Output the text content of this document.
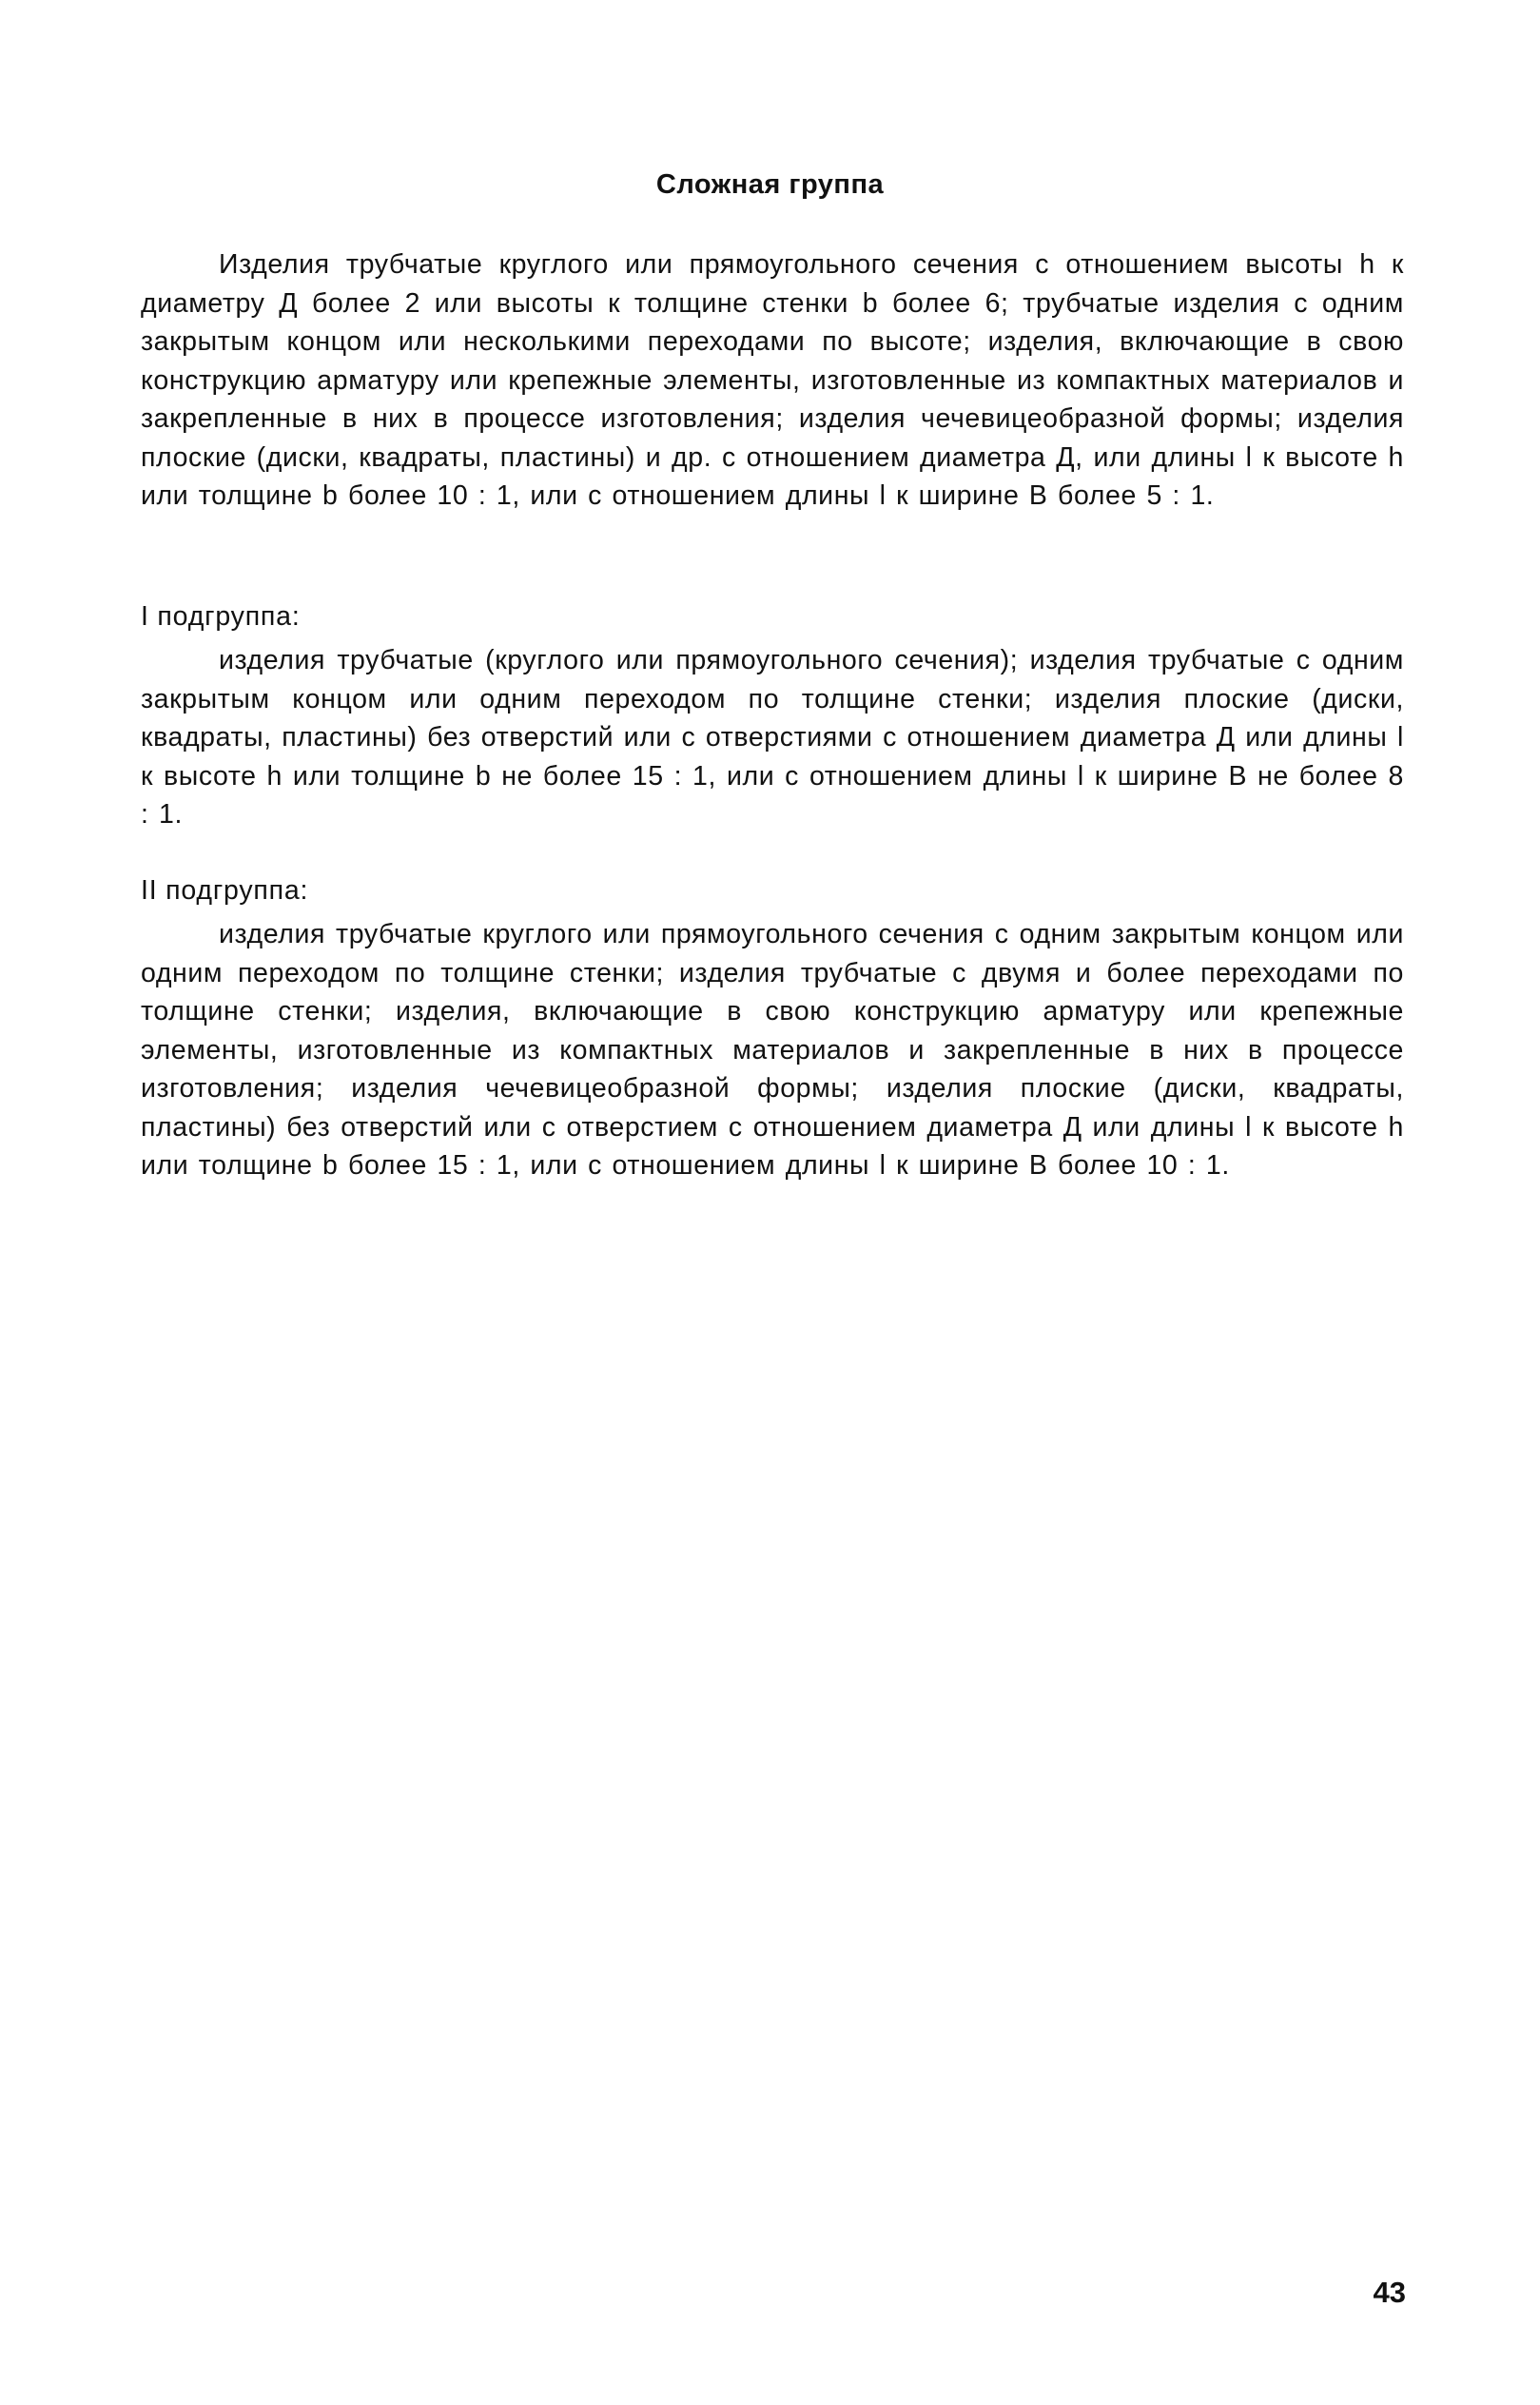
Сложная группа

Изделия трубчатые круглого или прямоугольного сечения с отношением высоты h к диаметру Д более 2 или высоты к толщине стенки b более 6; трубчатые изделия с одним закрытым концом или несколькими переходами по высоте; изделия, включающие в свою конструкцию арматуру или крепежные элементы, изготовленные из компактных материалов и закрепленные в них в процессе изготовления; изделия чечевицеобразной формы; изделия плоские (диски, квадраты, пластины) и др. с отношением диаметра Д, или длины l к высоте h или толщине b более 10 : 1, или с отношением длины l к ширине В более 5 : 1.

I подгруппа:

изделия трубчатые (круглого или прямоугольного сечения); изделия трубчатые с одним закрытым концом или одним переходом по толщине стенки; изделия плоские (диски, квадраты, пластины) без отверстий или с отверстиями с отношением диаметра Д или длины l к высоте h или толщине b не более 15 : 1, или с отношением длины l к ширине В не более 8 : 1.

II подгруппа:

изделия трубчатые круглого или прямоугольного сечения с одним закрытым концом или одним переходом по толщине стенки; изделия трубчатые с двумя и более переходами по толщине стенки; изделия, включающие в свою конструкцию арматуру или крепежные элементы, изготовленные из компактных материалов и закрепленные в них в процессе изготовления; изделия чечевицеобразной формы; изделия плоские (диски, квадраты, пластины) без отверстий или с отверстием с отношением диаметра Д или длины l к высоте h или толщине b более 15 : 1, или с отношением длины l к ширине В более 10 : 1.

43
